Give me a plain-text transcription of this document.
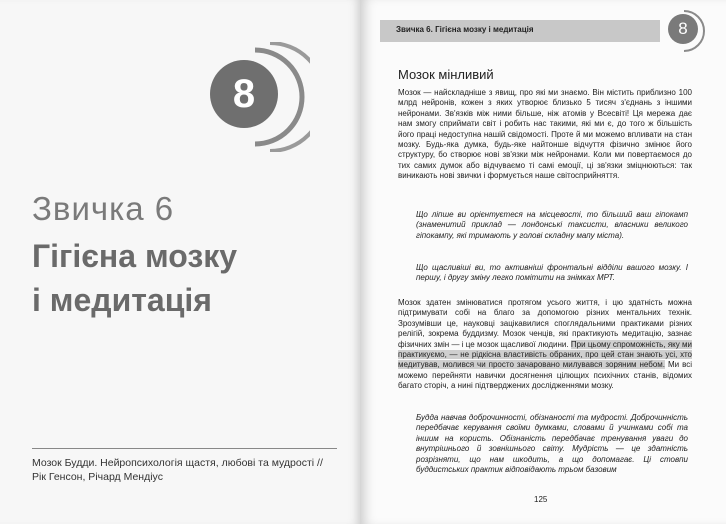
8
Звичка 6
Гігієна мозку
і медитація
Мозок Будди. Нейропсихологія щастя, любові та мудрості // Рік Генсон, Річард Мендіус
Звичка 6. Гігієна мозку і медитація	8
Мозок мінливий

Мозок — найскладніше з явищ, про які ми знаємо. Він містить приблизно 100 млрд нейронів, кожен з яких утворює близько 5 тисяч з'єднань з іншими нейронами. Зв'язків між ними більше, ніж атомів у Всесвіті! Ця мережа дає нам змогу сприймати світ і робить нас такими, які ми є, до того ж більшість його праці недоступна нашій свідомості. Проте й ми можемо впливати на стан мозку. Будь-яка думка, будь-яке найтонше відчуття фізично змінює його структуру, бо створює нові зв'язки між нейронами. Коли ми повертаємося до тих самих думок або відчуваємо ті самі емоції, ці зв'язки зміцнюються: так виникають нові звички і формується наше світосприйняття.

Що ліпше ви орієнтуєтеся на місцевості, то більший ваш гіпокамп (знаменитий приклад — лондонські таксисти, власники великого гіпокампу, які тримають у голові складну мапу міста).

Що щасливіші ви, то активніші фронтальні відділи вашого мозку. І першу, і другу зміну легко помітити на знімках МРТ.

Мозок здатен змінюватися протягом усього життя, і цю здатність можна підтримувати собі на благо за допомогою різних ментальних технік. Зрозумівши це, науковці зацікавилися споглядальними практиками різних релігій, зокрема буддизму. Мозок ченців, які практикують медитацію, зазнає фізичних змін — і це мозок щасливої людини. При цьому спроможність, яку ми практикуємо, — не рідкісна властивість обраних, про цей стан знають усі, хто медитував, молився чи просто зачаровано милувався зоряним небом. Ми всі можемо перейняти навички досягнення цілющих психічних станів, відомих багато сторіч, а нині підтверджених дослідженнями мозку.

Будда навчав доброчинності, обізнаності та мудрості. Доброчинність передбачає керування своїми думками, словами й учинками собі та іншим на користь. Обізнаність передбачає тренування уваги до внутрішнього й зовнішнього світу. Мудрість — це здатність розрізняти, що нам шкодить, а що допомагає. Ці стовпи буддистських практик відповідають трьом базовим

125
